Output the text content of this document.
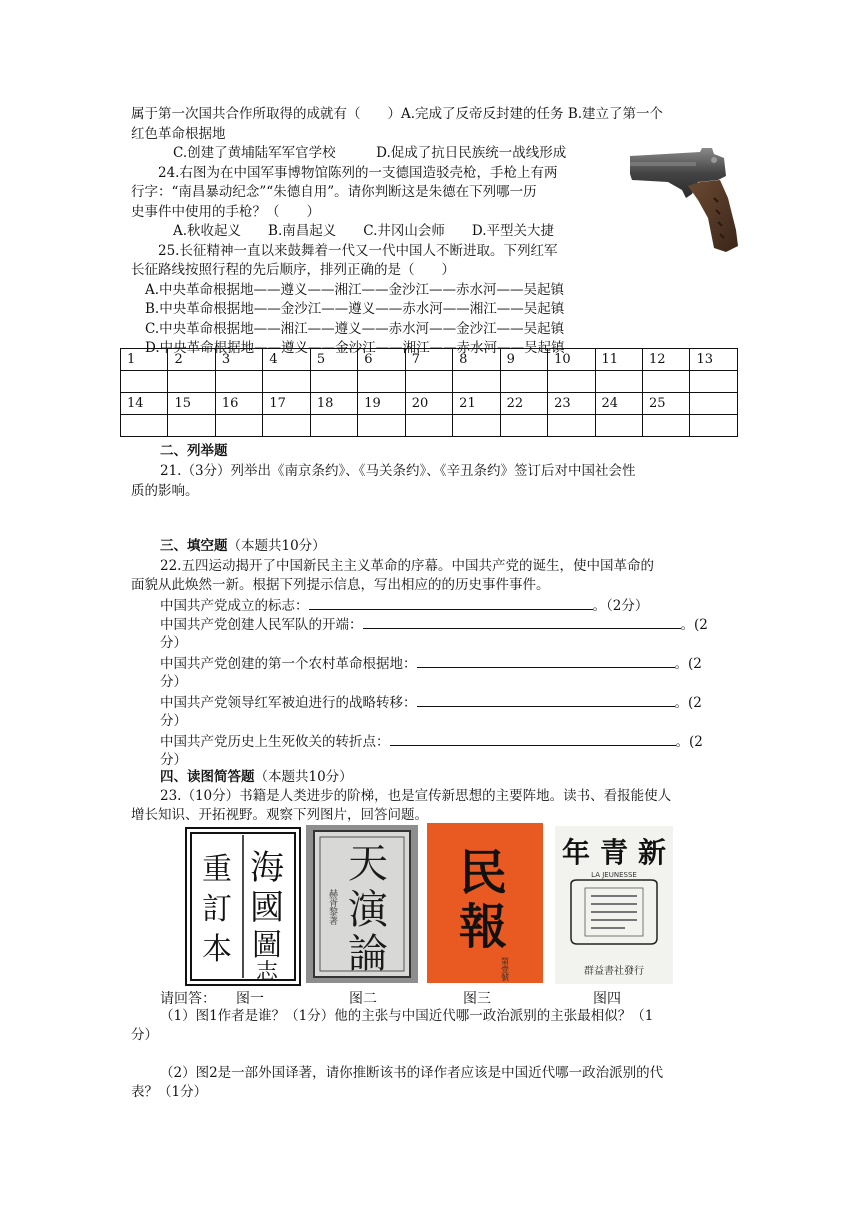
属于第一次国共合作所取得的成就有（　　）A.完成了反帝反封建的任务 B.建立了第一个
红色革命根据地
C.创建了黄埔陆军军官学校　　　D.促成了抗日民族统一战线形成
24.右图为在中国军事博物馆陈列的一支德国造驳壳枪，手枪上有两
行字：“南昌暴动纪念”“朱德自用”。请你判断这是朱德在下列哪一历
史事件中使用的手枪？（　　）
A.秋收起义　　B.南昌起义　　C.井冈山会师　　D.平型关大捷
25.长征精神一直以来鼓舞着一代又一代中国人不断进取。下列红军
长征路线按照行程的先后顺序，排列正确的是（　　）
A.中央革命根据地——遵义——湘江——金沙江——赤水河——吴起镇
B.中央革命根据地——金沙江——遵义——赤水河——湘江——吴起镇
C.中央革命根据地——湘江——遵义——赤水河——金沙江——吴起镇
D.中央革命根据地——遵义——金沙江——湘江——赤水河——吴起镇
1	2	3	4	5	6	7	8	9	10	11	12	13

14	15	16	17	18	19	20	21	22	23	24	25	

二、列举题
21.（3分）列举出《南京条约》、《马关条约》、《辛丑条约》签订后对中国社会性
质的影响。
三、填空题（本题共10分）
22.五四运动揭开了中国新民主主义革命的序幕。中国共产党的诞生，使中国革命的
面貌从此焕然一新。根据下列提示信息，写出相应的的历史事件事件。
中国共产党成立的标志：	。（2分）
中国共产党创建人民军队的开端：	。(2
分）
中国共产党创建的第一个农村革命根据地：	。(2
分）
中国共产党领导红军被迫进行的战略转移：	。(2
分）
中国共产党历史上生死攸关的转折点：	。(2
分）
四、读图简答题（本题共10分）
23.（10分）书籍是人类进步的阶梯，也是宣传新思想的主要阵地。读书、看报能使人
增长知识、开拓视野。观察下列图片，回答问题。
海
國
圖
志
重
訂
本
天
演
論
赫胥黎著
民
報
第壹號
新
青
年
LA JEUNESSE
群益書社發行
请回答： 图一	图二	图三	图四
（1）图1作者是谁？（1分）他的主张与中国近代哪一政治派别的主张最相似？（1
分）
（2）图2是一部外国译著，请你推断该书的译作者应该是中国近代哪一政治派别的代
表？（1分）
